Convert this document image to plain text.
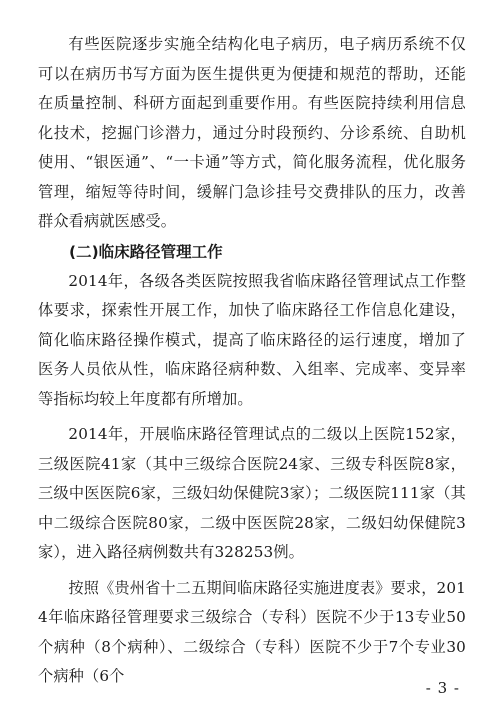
有些医院逐步实施全结构化电子病历，电子病历系统不仅可以在病历书写方面为医生提供更为便捷和规范的帮助，还能在质量控制、科研方面起到重要作用。有些医院持续利用信息化技术，挖掘门诊潜力，通过分时段预约、分诊系统、自助机使用、“银医通”、“一卡通”等方式，简化服务流程，优化服务管理，缩短等待时间，缓解门急诊挂号交费排队的压力，改善群众看病就医感受。

(二)临床路径管理工作

2014年，各级各类医院按照我省临床路径管理试点工作整体要求，探索性开展工作，加快了临床路径工作信息化建设，简化临床路径操作模式，提高了临床路径的运行速度，增加了医务人员依从性，临床路径病种数、入组率、完成率、变异率等指标均较上年度都有所增加。

2014年，开展临床路径管理试点的二级以上医院152家，三级医院41家（其中三级综合医院24家、三级专科医院8家，三级中医医院6家，三级妇幼保健院3家）；二级医院111家（其中二级综合医院80家，二级中医医院28家，二级妇幼保健院3家），进入路径病例数共有328253例。

按照《贵州省十二五期间临床路径实施进度表》要求，2014年临床路径管理要求三级综合（专科）医院不少于13专业50个病种（8个病种）、二级综合（专科）医院不少于7个专业30个病种（6个

- 3 -
